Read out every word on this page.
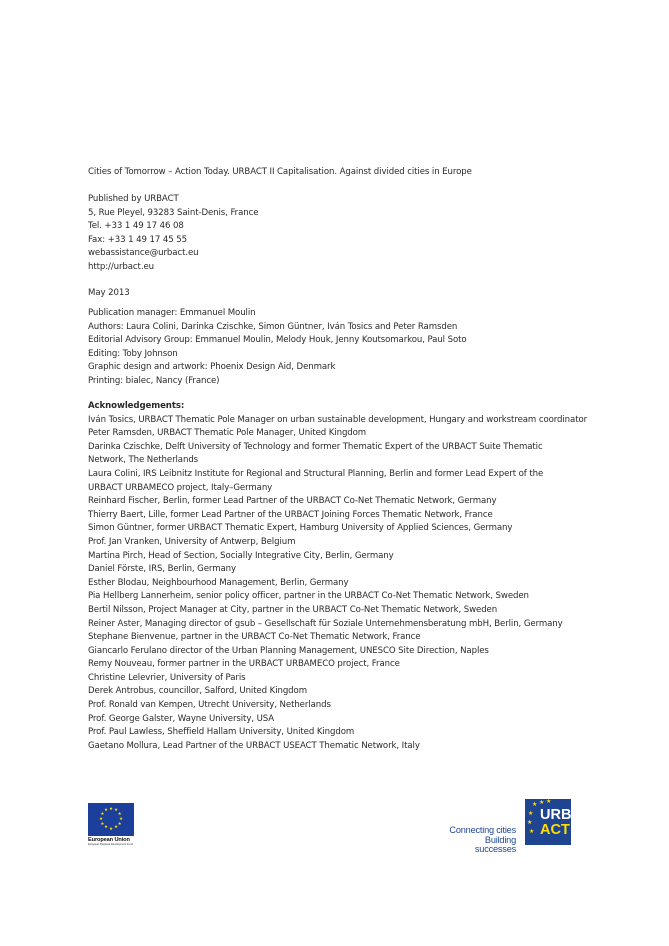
Cities of Tomorrow – Action Today. URBACT II Capitalisation. Against divided cities in Europe
Published by URBACT
5, Rue Pleyel, 93283 Saint-Denis, France
Tel. +33 1 49 17 46 08
Fax: +33 1 49 17 45 55
webassistance@urbact.eu
http://urbact.eu
May 2013
Publication manager: Emmanuel Moulin
Authors: Laura Colini, Darinka Czischke, Simon Güntner, Iván Tosics and Peter Ramsden
Editorial Advisory Group: Emmanuel Moulin, Melody Houk, Jenny Koutsomarkou, Paul Soto
Editing: Toby Johnson
Graphic design and artwork: Phoenix Design Aid, Denmark
Printing: bialec, Nancy (France)
Acknowledgements:
Iván Tosics, URBACT Thematic Pole Manager on urban sustainable development, Hungary and workstream coordinator
Peter Ramsden, URBACT Thematic Pole Manager, United Kingdom
Darinka Czischke, Delft University of Technology and former Thematic Expert of the URBACT Suite Thematic
Network, The Netherlands
Laura Colini, IRS Leibnitz Institute for Regional and Structural Planning, Berlin and former Lead Expert of the
URBACT URBAMECO project, Italy–Germany
Reinhard Fischer, Berlin, former Lead Partner of the URBACT Co-Net Thematic Network, Germany
Thierry Baert, Lille, former Lead Partner of the URBACT Joining Forces Thematic Network, France
Simon Güntner, former URBACT Thematic Expert, Hamburg University of Applied Sciences, Germany
Prof. Jan Vranken, University of Antwerp, Belgium
Martina Pirch, Head of Section, Socially Integrative City, Berlin, Germany
Daniel Förste, IRS, Berlin, Germany
Esther Blodau, Neighbourhood Management, Berlin, Germany
Pia Hellberg Lannerheim, senior policy officer, partner in the URBACT Co-Net Thematic Network, Sweden
Bertil Nilsson, Project Manager at City, partner in the URBACT Co-Net Thematic Network, Sweden
Reiner Aster, Managing director of gsub – Gesellschaft für Soziale Unternehmensberatung mbH, Berlin, Germany
Stephane Bienvenue, partner in the URBACT Co-Net Thematic Network, France
Giancarlo Ferulano director of the Urban Planning Management, UNESCO Site Direction, Naples
Remy Nouveau, former partner in the URBACT URBAMECO project, France
Christine Lelevrier, University of Paris
Derek Antrobus, councillor, Salford, United Kingdom
Prof. Ronald van Kempen, Utrecht University, Netherlands
Prof. George Galster, Wayne University, USA
Prof. Paul Lawless, Sheffield Hallam University, United Kingdom
Gaetano Mollura, Lead Partner of the URBACT USEACT Thematic Network, Italy
★ ★
★
★
★
★
★
★
★
★
★
★
European Union
European Regional Development Fund
Connecting cities
Building successes
★ ★ ★
★
★
★
URB
ACT
